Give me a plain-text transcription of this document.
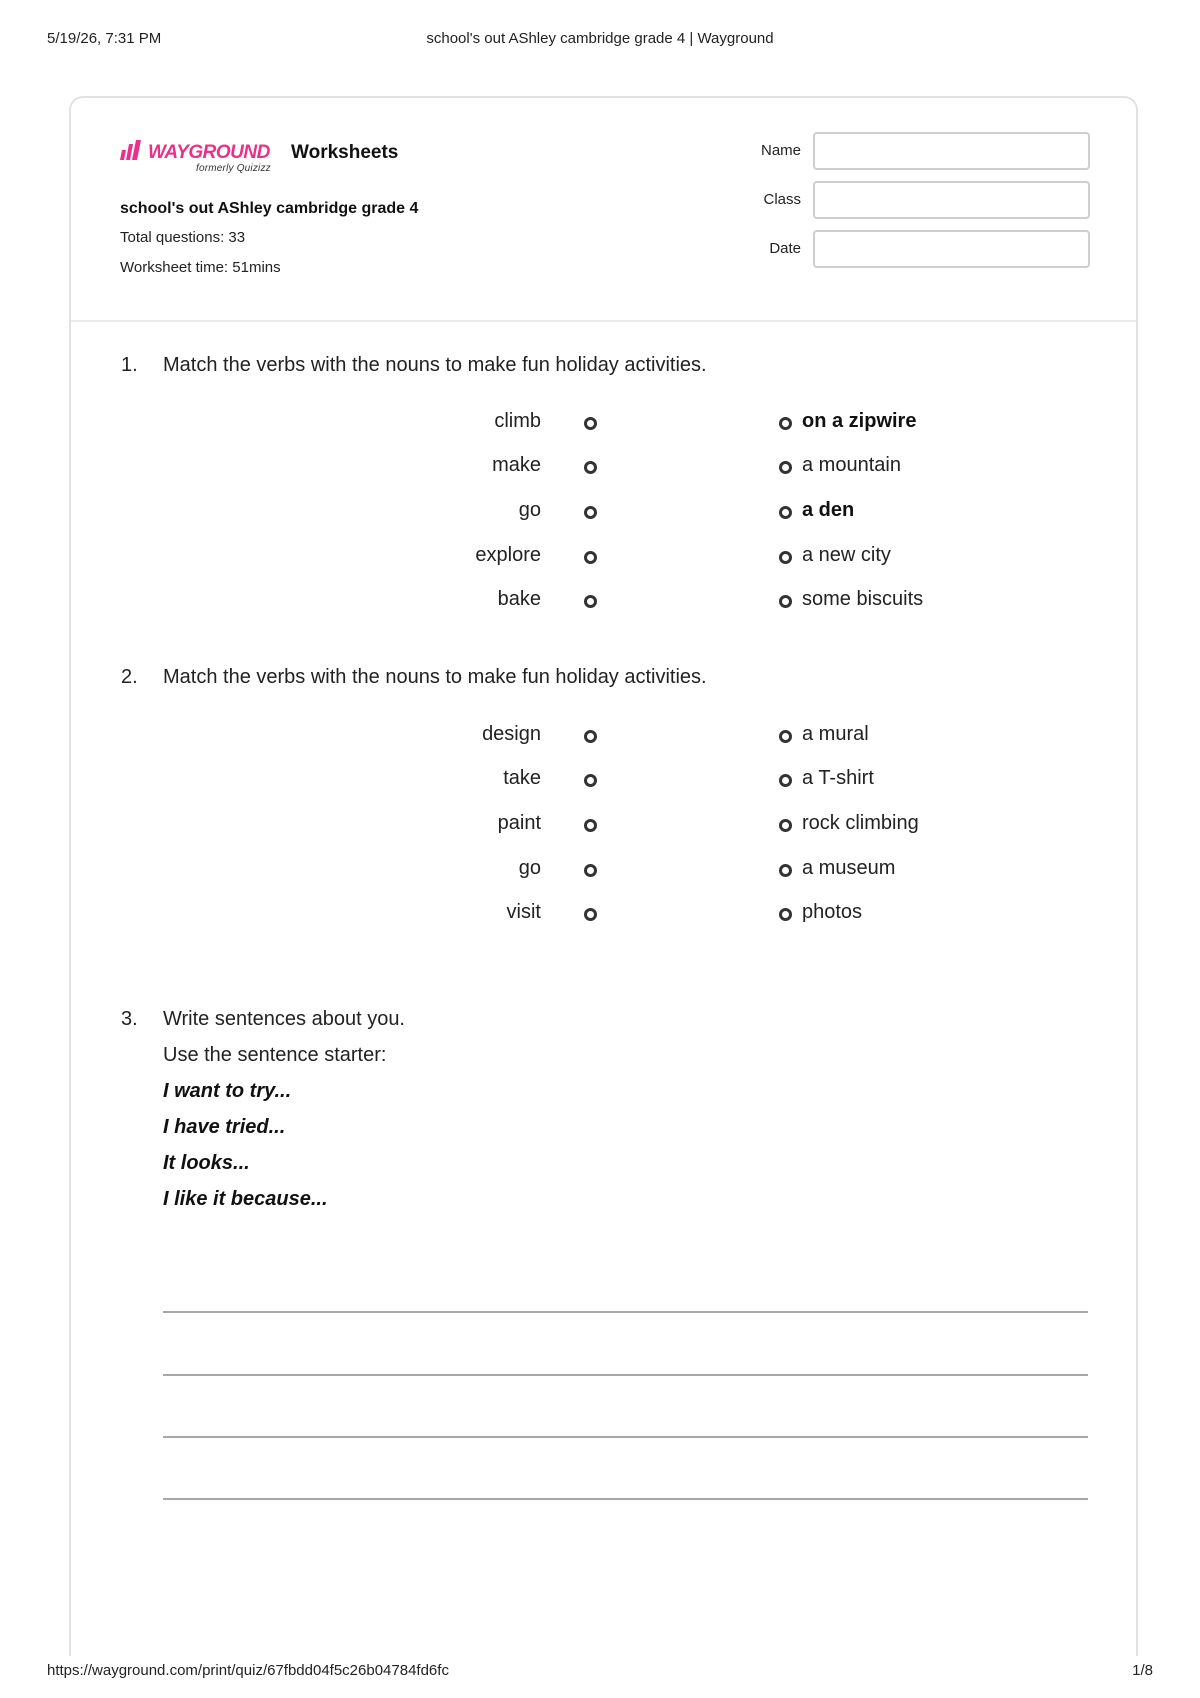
5/19/26, 7:31 PM	school's out AShley cambridge grade 4 | Wayground
WAYGROUND
formerly Quizizz
Worksheets
school's out AShley cambridge grade 4
Total questions: 33
Worksheet time: 51mins
Name
Class
Date
1. Match the verbs with the nouns to make fun holiday activities.
climb	on a zipwire
make	a mountain
go	a den
explore	a new city
bake	some biscuits
2. Match the verbs with the nouns to make fun holiday activities.
design	a mural
take	a T-shirt
paint	rock climbing
go	a museum
visit	photos
3. Write sentences about you.
Use the sentence starter:
I want to try...
I have tried...
It looks...
I like it because...
https://wayground.com/print/quiz/67fbdd04f5c26b04784fd6fc	1/8
